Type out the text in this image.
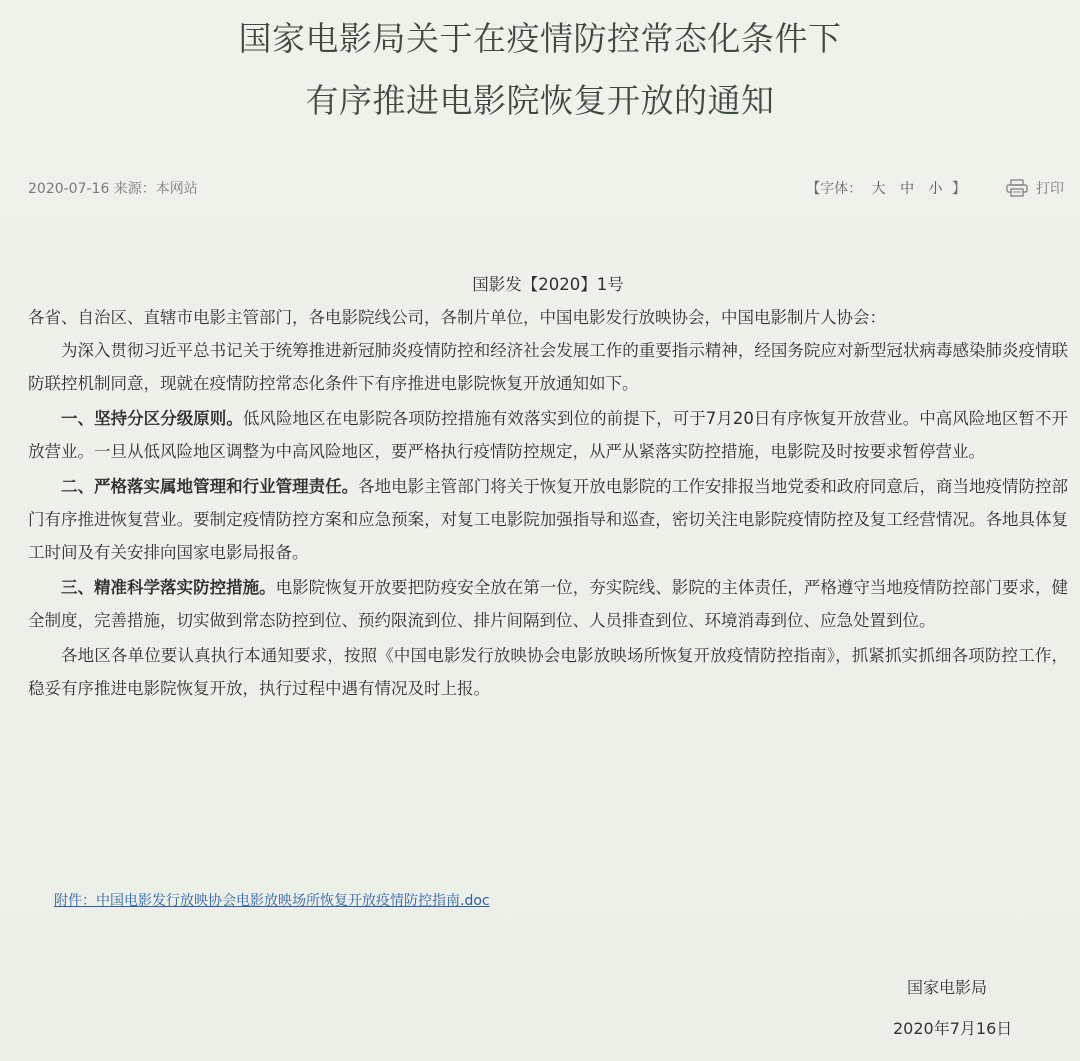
国家电影局关于在疫情防控常态化条件下
有序推进电影院恢复开放的通知
2020-07-16 来源：本网站	【字体： 大 中 小 】	打印

国影发【2020】1号

各省、自治区、直辖市电影主管部门，各电影院线公司，各制片单位，中国电影发行放映协会，中国电影制片人协会：

为深入贯彻习近平总书记关于统筹推进新冠肺炎疫情防控和经济社会发展工作的重要指示精神，经国务院应对新型冠状病毒感染肺炎疫情联防联控机制同意，现就在疫情防控常态化条件下有序推进电影院恢复开放通知如下。

一、坚持分区分级原则。低风险地区在电影院各项防控措施有效落实到位的前提下，可于7月20日有序恢复开放营业。中高风险地区暂不开放营业。一旦从低风险地区调整为中高风险地区，要严格执行疫情防控规定，从严从紧落实防控措施，电影院及时按要求暂停营业。

二、严格落实属地管理和行业管理责任。各地电影主管部门将关于恢复开放电影院的工作安排报当地党委和政府同意后，商当地疫情防控部门有序推进恢复营业。要制定疫情防控方案和应急预案，对复工电影院加强指导和巡查，密切关注电影院疫情防控及复工经营情况。各地具体复工时间及有关安排向国家电影局报备。

三、精准科学落实防控措施。电影院恢复开放要把防疫安全放在第一位，夯实院线、影院的主体责任，严格遵守当地疫情防控部门要求，健全制度，完善措施，切实做到常态防控到位、预约限流到位、排片间隔到位、人员排查到位、环境消毒到位、应急处置到位。

各地区各单位要认真执行本通知要求，按照《中国电影发行放映协会电影放映场所恢复开放疫情防控指南》，抓紧抓实抓细各项防控工作，稳妥有序推进电影院恢复开放，执行过程中遇有情况及时上报。

附件：中国电影发行放映协会电影放映场所恢复开放疫情防控指南.doc
国家电影局
2020年7月16日
